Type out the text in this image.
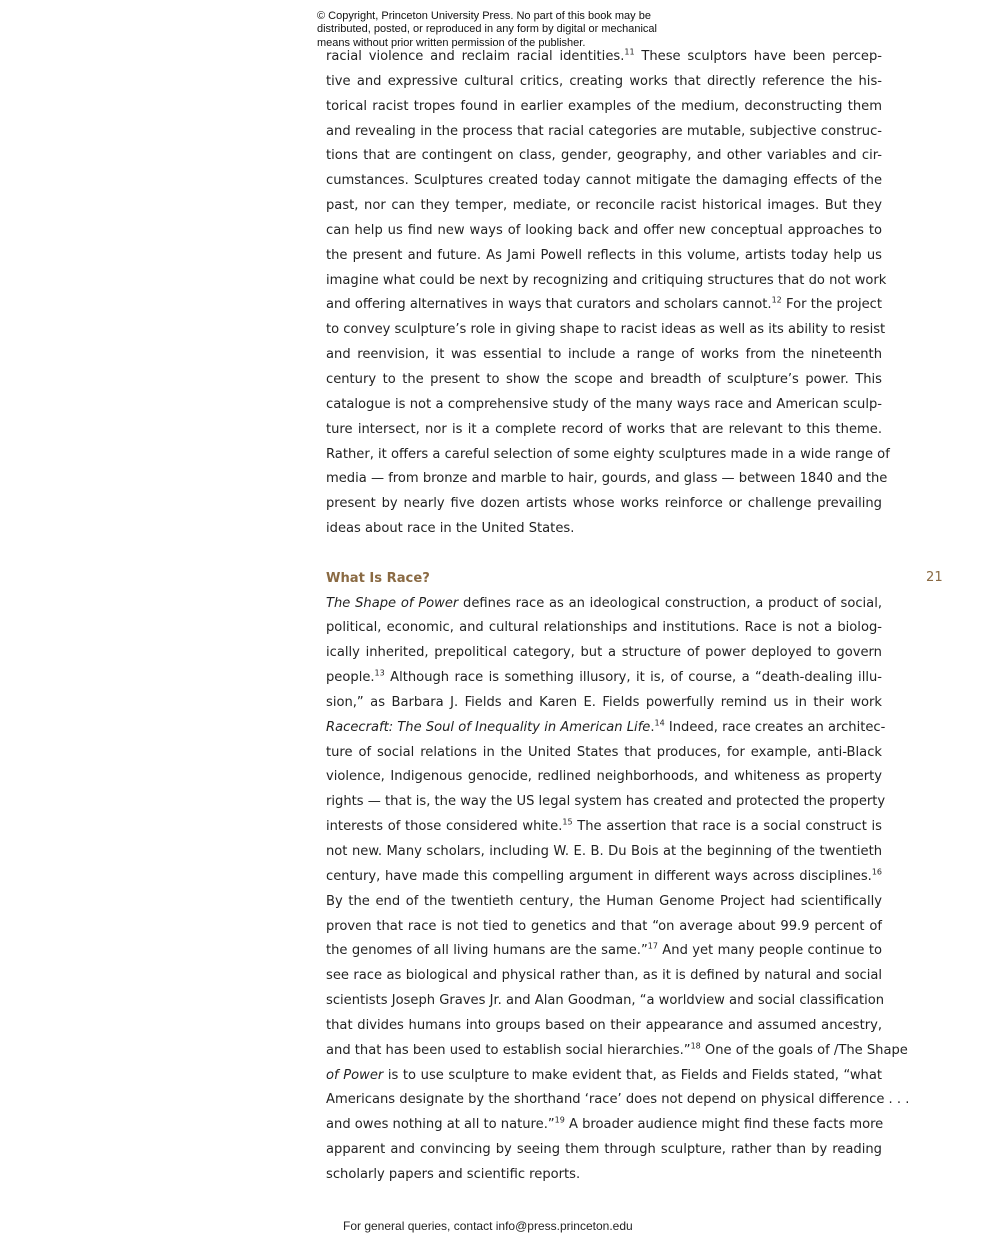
© Copyright, Princeton University Press. No part of this book may be
distributed, posted, or reproduced in any form by digital or mechanical
means without prior written permission of the publisher.
racial violence and reclaim racial identities.$^{11}$ These sculptors have been percep-
tive and expressive cultural critics, creating works that directly reference the his-
torical racist tropes found in earlier examples of the medium, deconstructing them
and revealing in the process that racial categories are mutable, subjective construc-
tions that are contingent on class, gender, geography, and other variables and cir-
cumstances. Sculptures created today cannot mitigate the damaging effects of the
past, nor can they temper, mediate, or reconcile racist historical images. But they
can help us find new ways of looking back and offer new conceptual approaches to
the present and future. As Jami Powell reflects in this volume, artists today help us
imagine what could be next by recognizing and critiquing structures that do not work
and offering alternatives in ways that curators and scholars cannot.$^{12}$ For the project
to convey sculpture’s role in giving shape to racist ideas as well as its ability to resist
and reenvision, it was essential to include a range of works from the nineteenth
century to the present to show the scope and breadth of sculpture’s power. This
catalogue is not a comprehensive study of the many ways race and American sculp-
ture intersect, nor is it a complete record of works that are relevant to this theme.
Rather, it offers a careful selection of some eighty sculptures made in a wide range of
media — from bronze and marble to hair, gourds, and glass — between 1840 and the
present by nearly five dozen artists whose works reinforce or challenge prevailing
ideas about race in the United States.
What Is Race?
The Shape of Power defines race as an ideological construction, a product of social,
political, economic, and cultural relationships and institutions. Race is not a biolog-
ically inherited, prepolitical category, but a structure of power deployed to govern
people.$^{13}$ Although race is something illusory, it is, of course, a “death-dealing illu-
sion,” as Barbara J. Fields and Karen E. Fields powerfully remind us in their work
Racecraft: The Soul of Inequality in American Life.$^{14}$ Indeed, race creates an architec-
ture of social relations in the United States that produces, for example, anti-Black
violence, Indigenous genocide, redlined neighborhoods, and whiteness as property
rights — that is, the way the US legal system has created and protected the property
interests of those considered white.$^{15}$ The assertion that race is a social construct is
not new. Many scholars, including W. E. B. Du Bois at the beginning of the twentieth
century, have made this compelling argument in different ways across disciplines.$^{16}$
By the end of the twentieth century, the Human Genome Project had scientifically
proven that race is not tied to genetics and that “on average about 99.9 percent of
the genomes of all living humans are the same.”$^{17}$ And yet many people continue to
see race as biological and physical rather than, as it is defined by natural and social
scientists Joseph Graves Jr. and Alan Goodman, “a worldview and social classification
that divides humans into groups based on their appearance and assumed ancestry,
and that has been used to establish social hierarchies.”$^{18}$ One of the goals of /The Shape
of Power is to use sculpture to make evident that, as Fields and Fields stated, “what
Americans designate by the shorthand ‘race’ does not depend on physical difference . . .
and owes nothing at all to nature.”$^{19}$ A broader audience might find these facts more
apparent and convincing by seeing them through sculpture, rather than by reading
scholarly papers and scientific reports.
21
For general queries, contact info@press.princeton.edu
